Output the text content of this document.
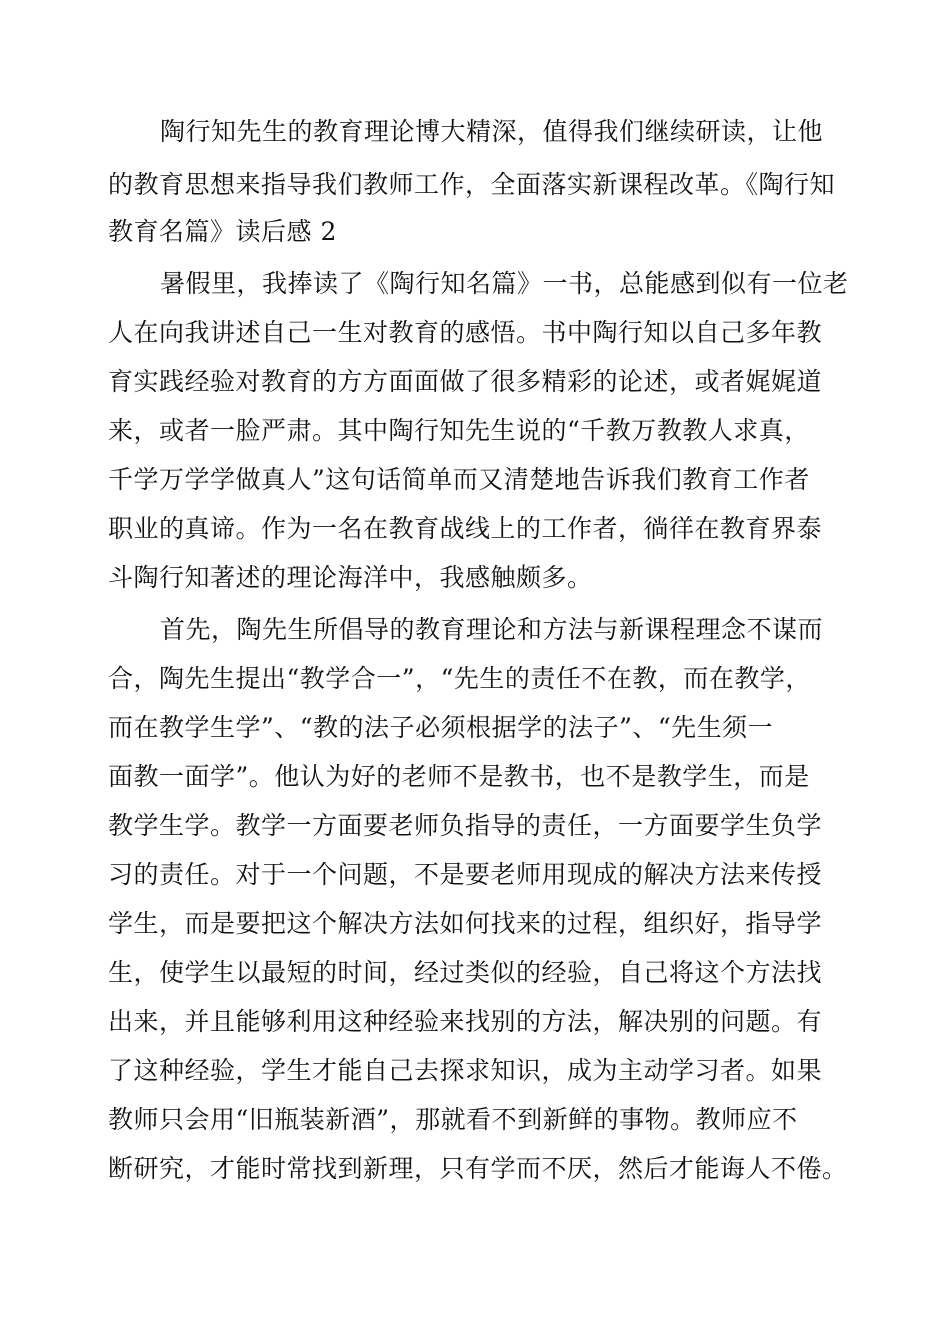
陶行知先生的教育理论博大精深，值得我们继续研读，让他
的教育思想来指导我们教师工作，全面落实新课程改革。《陶行知
教育名篇》读后感 2
暑假里，我捧读了《陶行知名篇》一书，总能感到似有一位老
人在向我讲述自己一生对教育的感悟。书中陶行知以自己多年教
育实践经验对教育的方方面面做了很多精彩的论述，或者娓娓道
来，或者一脸严肃。其中陶行知先生说的“千教万教教人求真，
千学万学学做真人”这句话简单而又清楚地告诉我们教育工作者
职业的真谛。作为一名在教育战线上的工作者，徜徉在教育界泰
斗陶行知著述的理论海洋中，我感触颇多。
首先，陶先生所倡导的教育理论和方法与新课程理念不谋而
合，陶先生提出“教学合一”，“先生的责任不在教，而在教学，
而在教学生学”、“教的法子必须根据学的法子”、“先生须一
面教一面学”。他认为好的老师不是教书，也不是教学生，而是
教学生学。教学一方面要老师负指导的责任，一方面要学生负学
习的责任。对于一个问题，不是要老师用现成的解决方法来传授
学生，而是要把这个解决方法如何找来的过程，组织好，指导学
生，使学生以最短的时间，经过类似的经验，自己将这个方法找
出来，并且能够利用这种经验来找别的方法，解决别的问题。有
了这种经验，学生才能自己去探求知识，成为主动学习者。如果
教师只会用“旧瓶装新酒”，那就看不到新鲜的事物。教师应不
断研究，才能时常找到新理，只有学而不厌，然后才能诲人不倦。
